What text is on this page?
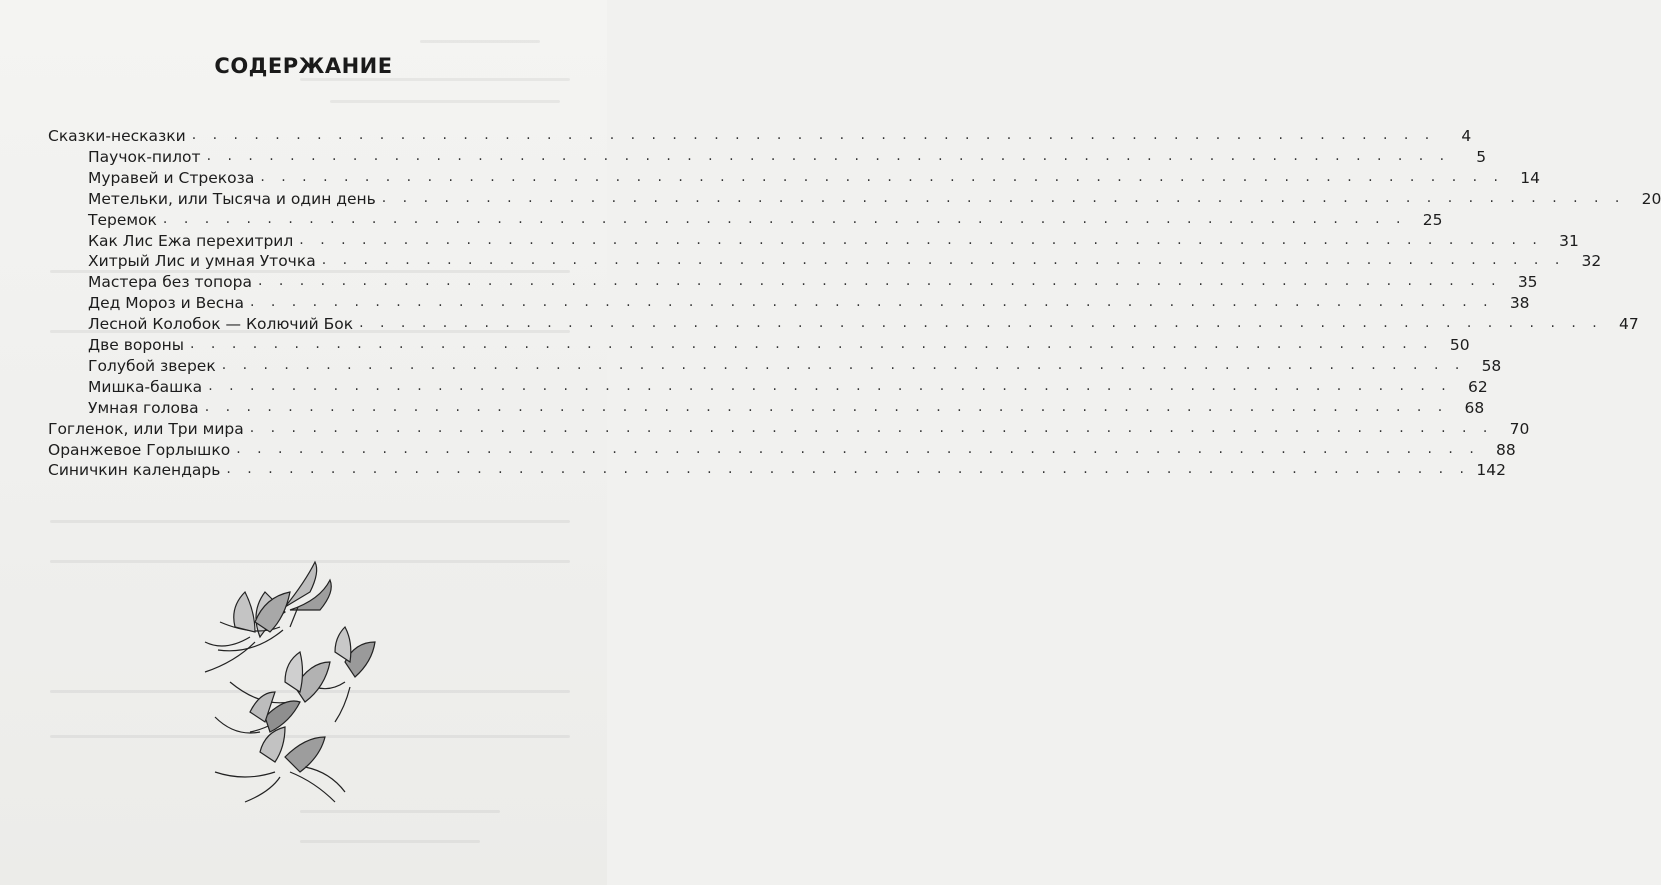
СОДЕРЖАНИЕ
Сказки-несказки . . . . . . . . . . . . . . . . . . . . . . . . . . . . . . . . . . . . . . . . . . . . . . . . . . . . . . . . . . . .	4
Паучок-пилот . . . . . . . . . . . . . . . . . . . . . . . . . . . . . . . . . . . . . . . . . . . . . . . . . . . . . . . . . . . .	5
Муравей и Стрекоза . . . . . . . . . . . . . . . . . . . . . . . . . . . . . . . . . . . . . . . . . . . . . . . . . . . . . . . . . . . .	14
Метельки, или Тысяча и один день . . . . . . . . . . . . . . . . . . . . . . . . . . . . . . . . . . . . . . . . . . . . . . . . . . . . . . . . . . . .	20
Теремок . . . . . . . . . . . . . . . . . . . . . . . . . . . . . . . . . . . . . . . . . . . . . . . . . . . . . . . . . . . .	25
Как Лис Ежа перехитрил . . . . . . . . . . . . . . . . . . . . . . . . . . . . . . . . . . . . . . . . . . . . . . . . . . . . . . . . . . . .	31
Хитрый Лис и умная Уточка . . . . . . . . . . . . . . . . . . . . . . . . . . . . . . . . . . . . . . . . . . . . . . . . . . . . . . . . . . . .	32
Мастера без топора . . . . . . . . . . . . . . . . . . . . . . . . . . . . . . . . . . . . . . . . . . . . . . . . . . . . . . . . . . . .	35
Дед Мороз и Весна . . . . . . . . . . . . . . . . . . . . . . . . . . . . . . . . . . . . . . . . . . . . . . . . . . . . . . . . . . . .	38
Лесной Колобок — Колючий Бок . . . . . . . . . . . . . . . . . . . . . . . . . . . . . . . . . . . . . . . . . . . . . . . . . . . . . . . . . . . .	47
Две вороны . . . . . . . . . . . . . . . . . . . . . . . . . . . . . . . . . . . . . . . . . . . . . . . . . . . . . . . . . . . .	50
Голубой зверек . . . . . . . . . . . . . . . . . . . . . . . . . . . . . . . . . . . . . . . . . . . . . . . . . . . . . . . . . . . .	58
Мишка-башка . . . . . . . . . . . . . . . . . . . . . . . . . . . . . . . . . . . . . . . . . . . . . . . . . . . . . . . . . . . .	62
Умная голова . . . . . . . . . . . . . . . . . . . . . . . . . . . . . . . . . . . . . . . . . . . . . . . . . . . . . . . . . . . .	68
Гогленок, или Три мира . . . . . . . . . . . . . . . . . . . . . . . . . . . . . . . . . . . . . . . . . . . . . . . . . . . . . . . . . . . .	70
Оранжевое Горлышко . . . . . . . . . . . . . . . . . . . . . . . . . . . . . . . . . . . . . . . . . . . . . . . . . . . . . . . . . . . .	88
Синичкин календарь . . . . . . . . . . . . . . . . . . . . . . . . . . . . . . . . . . . . . . . . . . . . . . . . . . . . . . . . . . . . 142
